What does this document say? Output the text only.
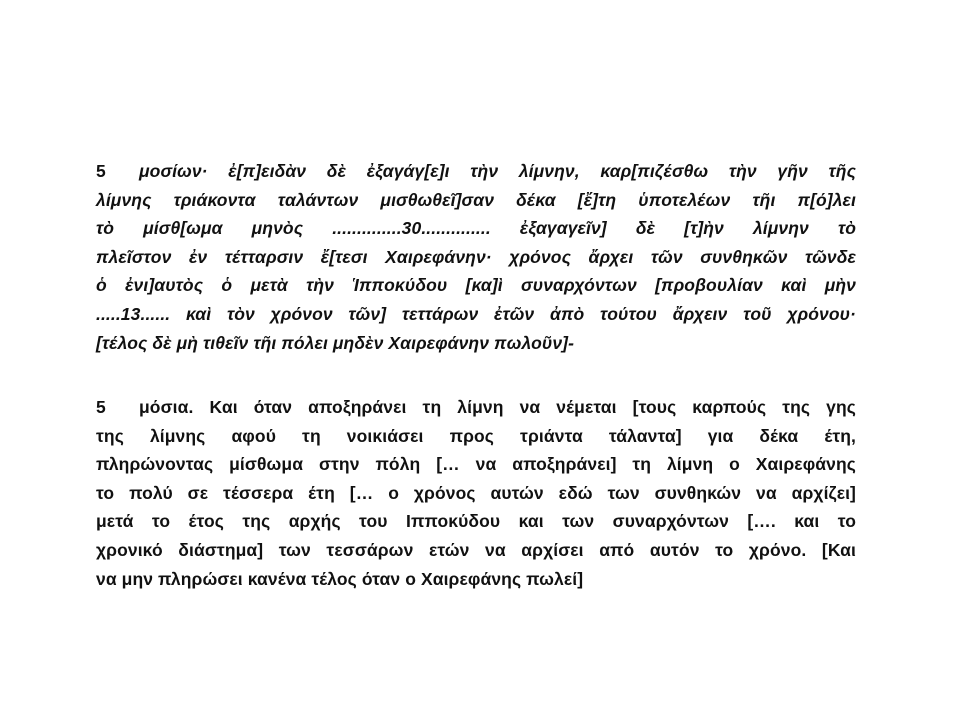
5 μοσίων· ἐ[π]ειδὰν δὲ ἐξαγάγ[ε]ι τὴν λίμνην, καρ[πιζέσθω τὴν γῆν τῆς
λίμνης τριάκοντα ταλάντων μισθωθεῖ]σαν δέκα [ἔ]τη ὑποτελέων τῆι π[ό]λει
τὸ μίσθ[ωμα μηνὸς ..............30.............. ἐξαγαγεῖν] δὲ [τ]ὴν λίμνην τὸ
πλεῖστον ἐν τέτταρσιν ἔ[τεσι Χαιρεφάνην· χρόνος ἄρχει τῶν συνθηκῶν τῶνδε
ὁ ἐνι]αυτὸς ὁ μετὰ τὴν Ἱπποκύδου [κα]ὶ συναρχόντων [προβουλίαν καὶ μὴν
.....13...... καὶ τὸν χρόνον τῶν] τεττάρων ἐτῶν ἀπὸ τούτου ἄρχειν τοῦ χρόνου·
[τέλος δὲ μὴ τιθεῖν τῆι πόλει μηδὲν Χαιρεφάνην πωλοῦν]-
5 μόσια. Και όταν αποξηράνει τη λίμνη να νέμεται [τους καρπούς της γης
της λίμνης αφού τη νοικιάσει προς τριάντα τάλαντα] για δέκα έτη,
πληρώνοντας μίσθωμα στην πόλη [… να αποξηράνει] τη λίμνη ο Χαιρεφάνης
το πολύ σε τέσσερα έτη [… ο χρόνος αυτών εδώ των συνθηκών να αρχίζει]
μετά το έτος της αρχής του Ιπποκύδου και των συναρχόντων […. και το
χρονικό διάστημα] των τεσσάρων ετών να αρχίσει από αυτόν το χρόνο. [Και
να μην πληρώσει κανένα τέλος όταν ο Χαιρεφάνης πωλεί]
